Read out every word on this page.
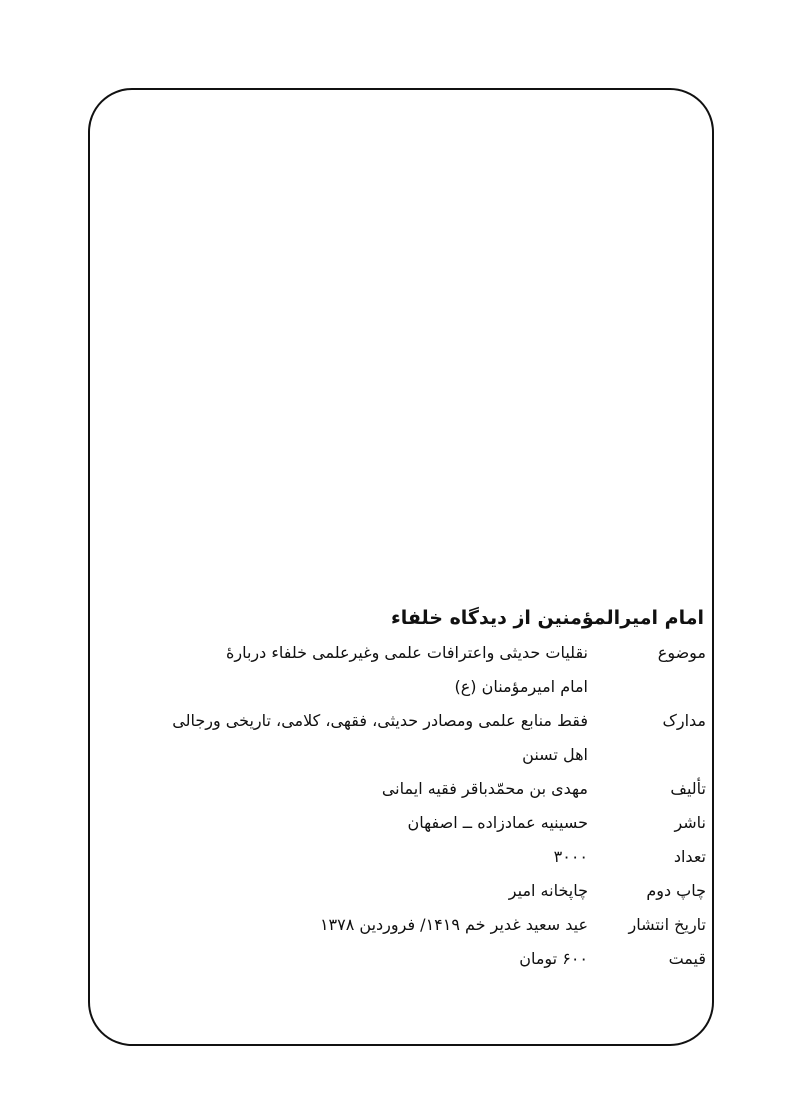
امام امیرالمؤمنین از دیدگاه خلفاء
موضوع
نقلیات حدیثی واعترافات علمی وغیرعلمی خلفاء دربارهٔ
امام امیرمؤمنان (ع)
مدارک
فقط منابع علمی ومصادر حدیثی، فقهی، کلامی، تاریخی ورجالی
اهل تسنن
تألیف
مهدی بن محمّدباقر فقیه ایمانی
ناشر
حسینیه عمادزاده ــ اصفهان
تعداد
۳۰۰۰
چاپ دوم
چاپخانه امیر
تاریخ انتشار
عید سعید غدیر خم ۱۴۱۹/ فروردین ۱۳۷۸
قیمت
۶۰۰ تومان
